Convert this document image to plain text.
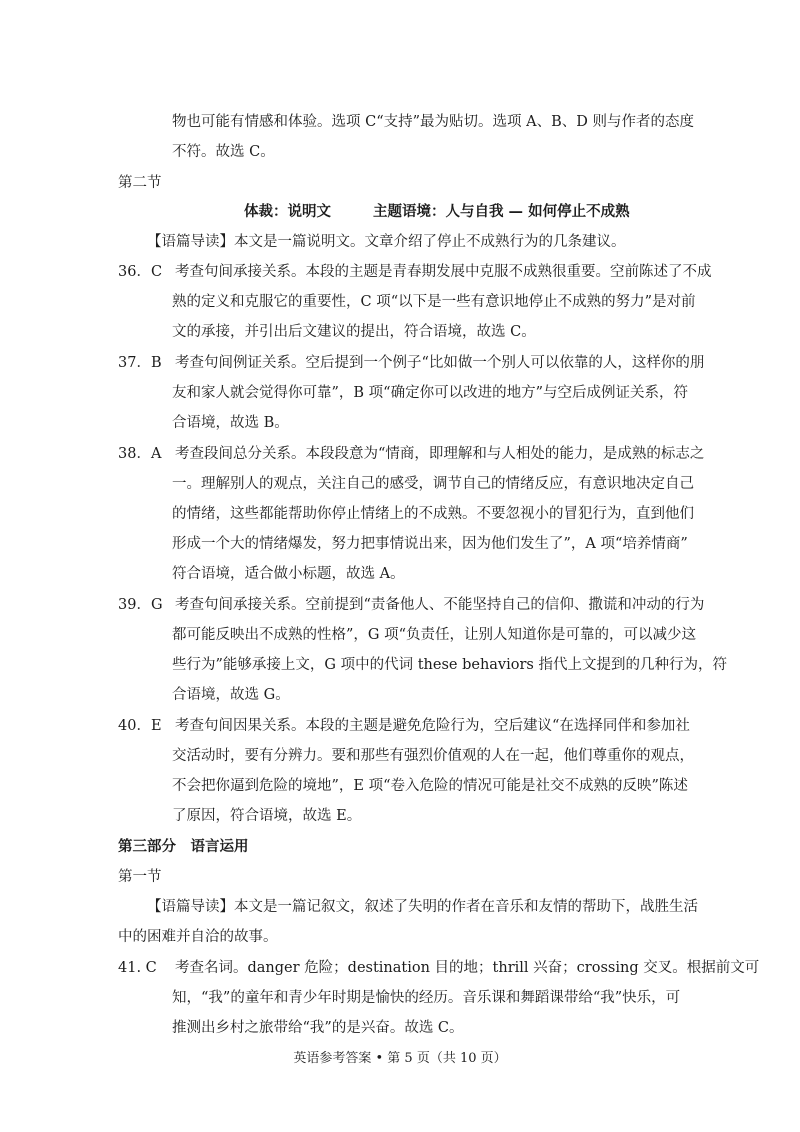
物也可能有情感和体验。选项 C“支持”最为贴切。选项 A、B、D 则与作者的态度
不符。故选 C。
第二节
体裁：说明文	主题语境：人与自我 — 如何停止不成熟
【语篇导读】本文是一篇说明文。文章介绍了停止不成熟行为的几条建议。
36．C 考查句间承接关系。本段的主题是青春期发展中克服不成熟很重要。空前陈述了不成
熟的定义和克服它的重要性，C 项“以下是一些有意识地停止不成熟的努力”是对前
文的承接，并引出后文建议的提出，符合语境，故选 C。
37．B 考查句间例证关系。空后提到一个例子“比如做一个别人可以依靠的人，这样你的朋
友和家人就会觉得你可靠”，B 项“确定你可以改进的地方”与空后成例证关系，符
合语境，故选 B。
38．A 考查段间总分关系。本段段意为“情商，即理解和与人相处的能力，是成熟的标志之
一。理解别人的观点，关注自己的感受，调节自己的情绪反应，有意识地决定自己
的情绪，这些都能帮助你停止情绪上的不成熟。不要忽视小的冒犯行为，直到他们
形成一个大的情绪爆发，努力把事情说出来，因为他们发生了”，A 项“培养情商”
符合语境，适合做小标题，故选 A。
39．G 考查句间承接关系。空前提到“责备他人、不能坚持自己的信仰、撒谎和冲动的行为
都可能反映出不成熟的性格”，G 项“负责任，让别人知道你是可靠的，可以减少这
些行为”能够承接上文，G 项中的代词 these behaviors 指代上文提到的几种行为，符
合语境，故选 G。
40．E 考查句间因果关系。本段的主题是避免危险行为，空后建议“在选择同伴和参加社
交活动时，要有分辨力。要和那些有强烈价值观的人在一起，他们尊重你的观点，
不会把你逼到危险的境地”，E 项“卷入危险的情况可能是社交不成熟的反映”陈述
了原因，符合语境，故选 E。
第三部分　语言运用
第一节
【语篇导读】本文是一篇记叙文，叙述了失明的作者在音乐和友情的帮助下，战胜生活
中的困难并自洽的故事。
41. C 考查名词。danger 危险；destination 目的地；thrill 兴奋；crossing 交叉。根据前文可
知，“我”的童年和青少年时期是愉快的经历。音乐课和舞蹈课带给“我”快乐，可
推测出乡村之旅带给“我”的是兴奋。故选 C。
英语参考答案 • 第 5 页（共 10 页）
